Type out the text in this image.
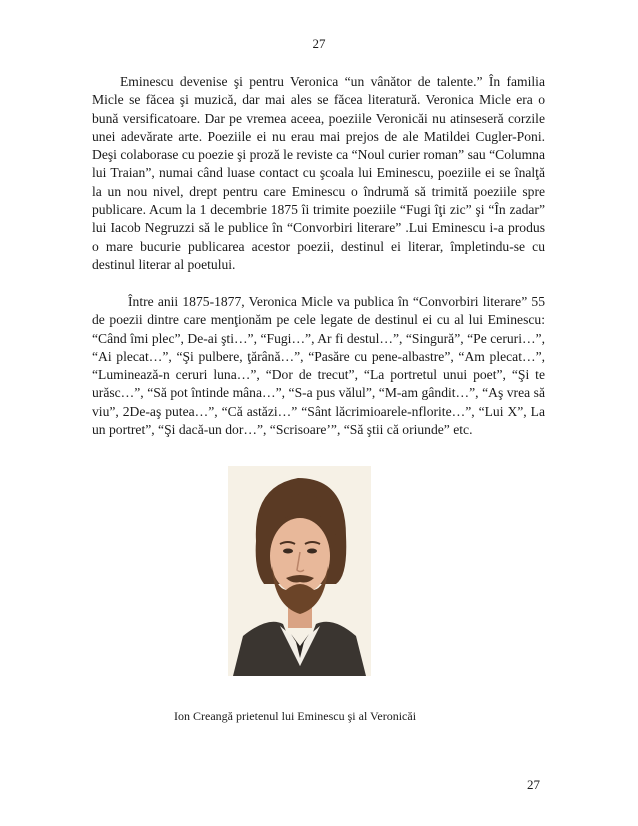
27

Eminescu devenise şi pentru Veronica “un vânător de talente.” În familia Micle se făcea şi muzică, dar mai ales se făcea literatură. Veronica Micle era o bună versificatoare. Dar pe vremea aceea, poeziile Veronicăi nu atinseseră corzile unei adevărate arte. Poeziile ei nu erau mai prejos de ale Matildei Cugler-Poni. Deşi colaborase cu poezie şi proză le reviste ca “Noul curier roman” sau “Columna lui Traian”, numai când luase contact cu şcoala lui Eminescu, poeziile ei se înalţă la un nou nivel, drept pentru care Eminescu o îndrumă să trimită poeziile spre publicare. Acum la 1 decembrie 1875 îi trimite poeziile “Fugi îţi zic” şi “În zadar” lui Iacob Negruzzi să le publice în “Convorbiri literare” .Lui Eminescu i-a produs o mare bucurie publicarea acestor poezii, destinul ei literar, împletindu-se cu destinul literar al poetului.

Între anii 1875-1877, Veronica Micle va publica în “Convorbiri literare” 55 de poezii dintre care menţionăm pe cele legate de destinul ei cu al lui Eminescu: “Când îmi plec”, De-ai şti…”, “Fugi…”, Ar fi destul…”, “Singură”, “Pe ceruri…”, “Ai plecat…”, “Şi pulbere, ţărână…”, “Pasăre cu pene-albastre”, “Am plecat…”, “Luminează-n ceruri luna…”, “Dor de trecut”, “La portretul unui poet”, “Şi te urăsc…”, “Să pot întinde mâna…”, “S-a pus vălul”, “M-am gândit…”, “Aş vrea să viu”, 2De-aş putea…”, “Că astăzi…” “Sânt lăcrimioarele-nflorite…”, “Lui X”, La un portret”, “Şi dacă-un dor…”, “Scrisoare’”, “Să ştii că oriunde” etc.

Ion Creangă prietenul lui Eminescu şi al Veronicăi
27
